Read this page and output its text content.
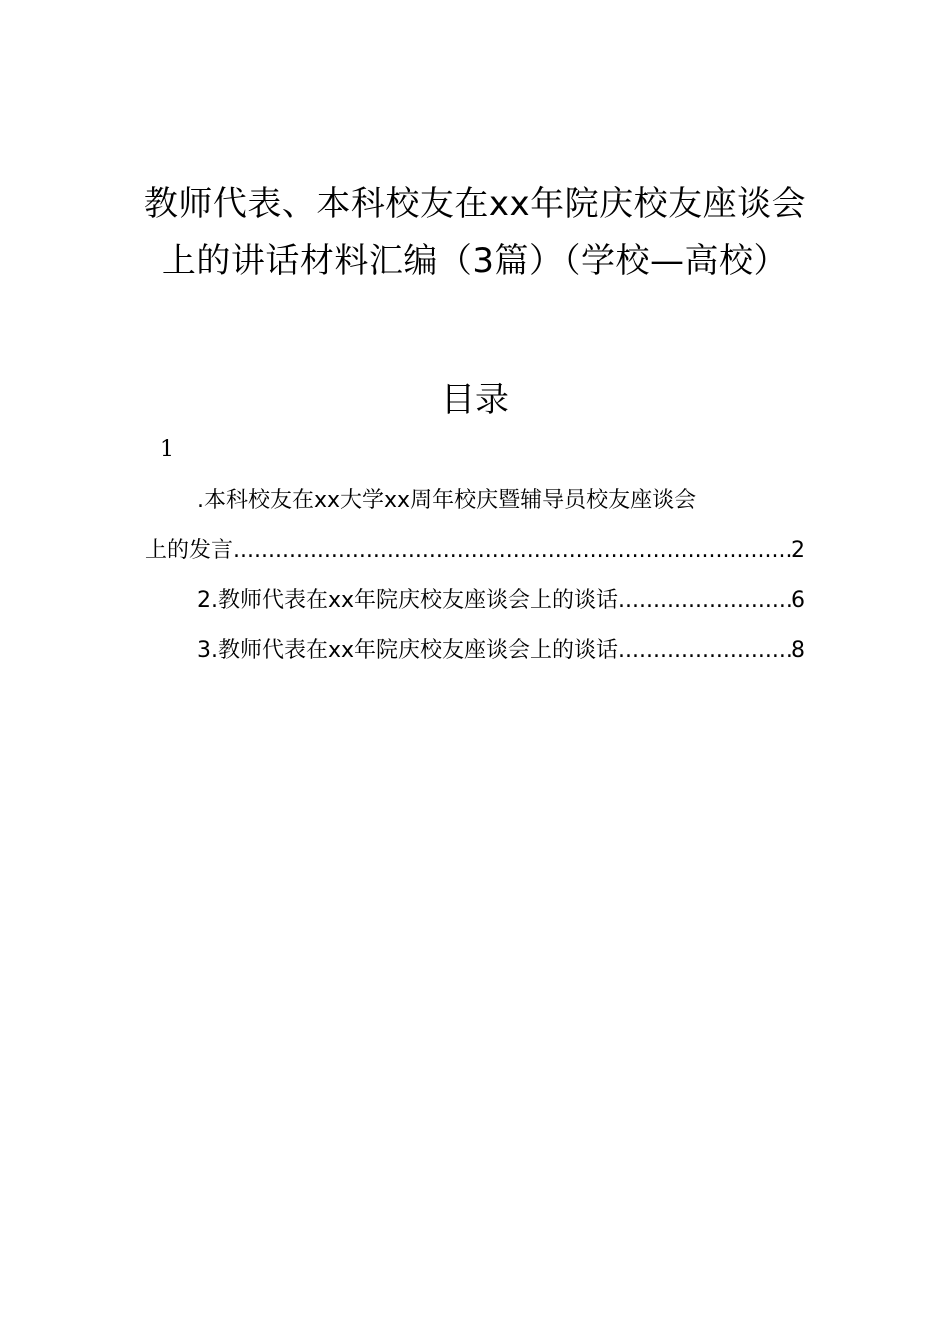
教师代表、本科校友在xx年院庆校友座谈会上的讲话材料汇编（3篇）（学校—高校）
目录
1
.本科校友在xx大学xx周年校庆暨辅导员校友座谈会
上的发言 .....	2
2.教师代表在xx年院庆校友座谈会上的谈话 .....	6
3.教师代表在xx年院庆校友座谈会上的谈话 .....	8
